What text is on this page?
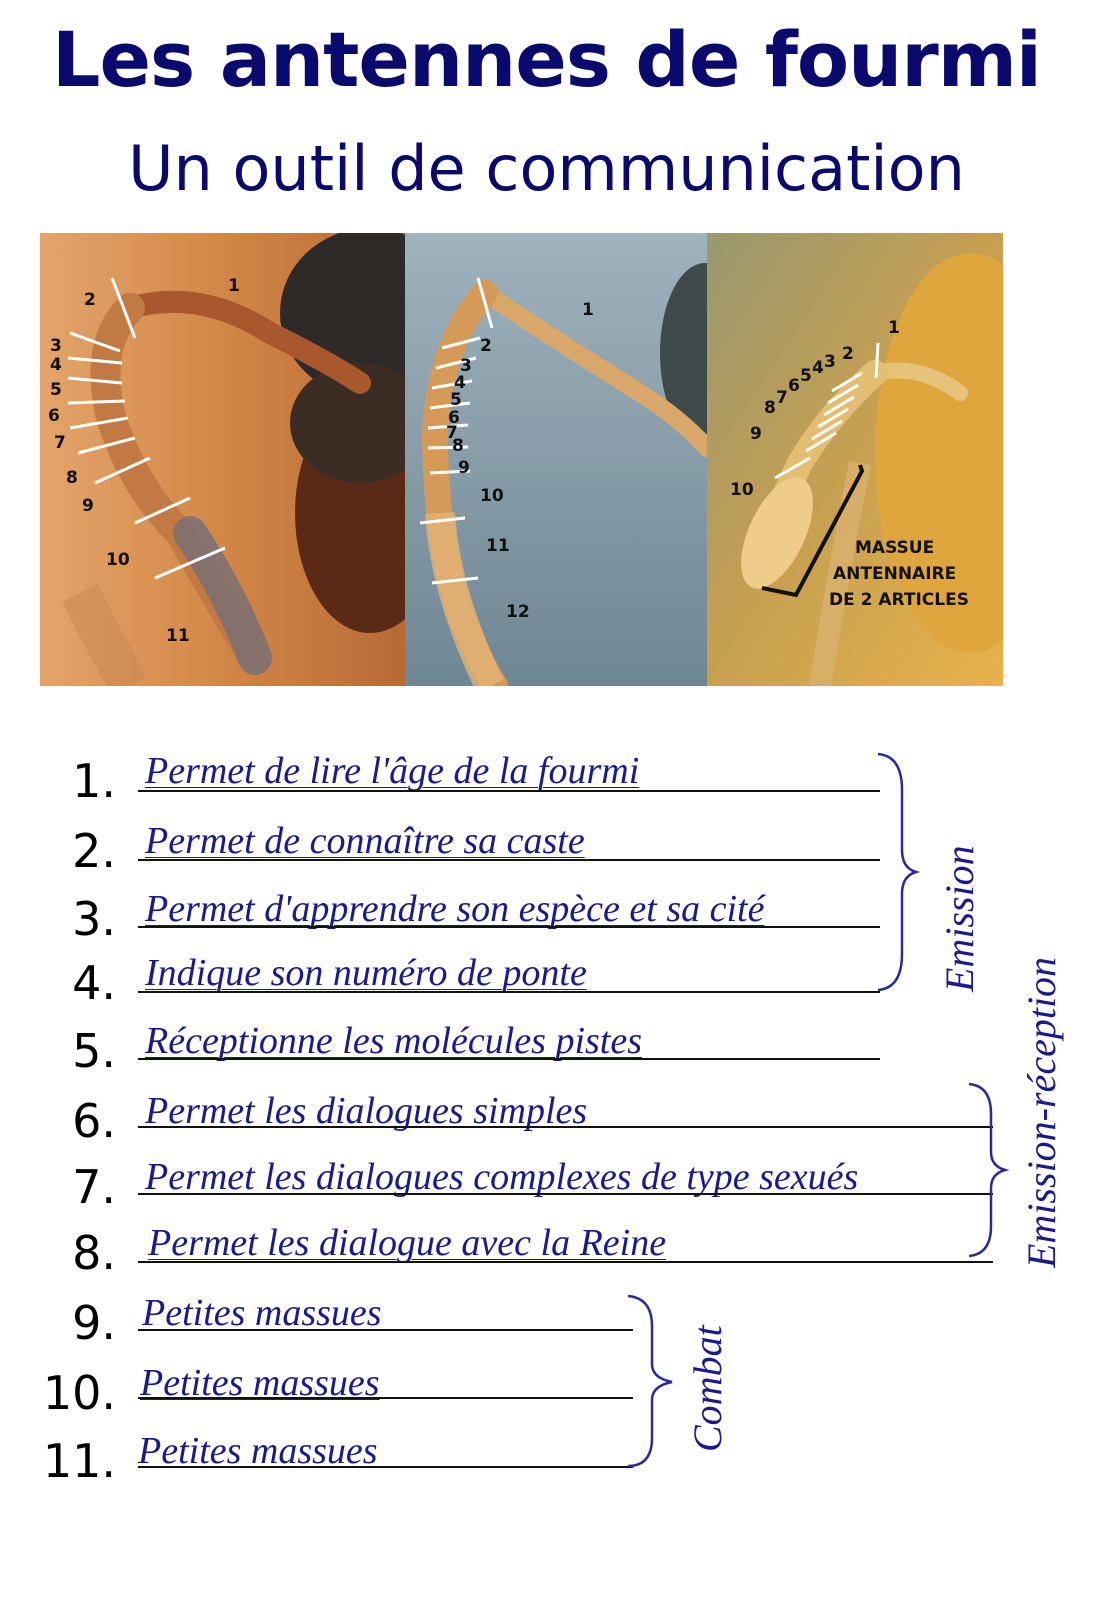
Les antennes de fourmi
Un outil de communication
1
2
3
4
5
6
7
8
9
10
11
1
2
3
4
5
6
7
8
9
10
11
12
1
2
3
4
5
6
7
8
9
10
MASSUE
ANTENNAIRE
DE 2 ARTICLES
1. Permet de lire l'âge de la fourmi
2. Permet de connaître sa caste
3. Permet d'apprendre son espèce et sa cité
4. Indique son numéro de ponte
5. Réceptionne les molécules pistes
6. Permet les dialogues simples
7. Permet les dialogues complexes de type sexués
8. Permet les dialogue avec la Reine
9. Petites massues
10. Petites massues
11. Petites massues
Emission
Emission-réception
Combat
